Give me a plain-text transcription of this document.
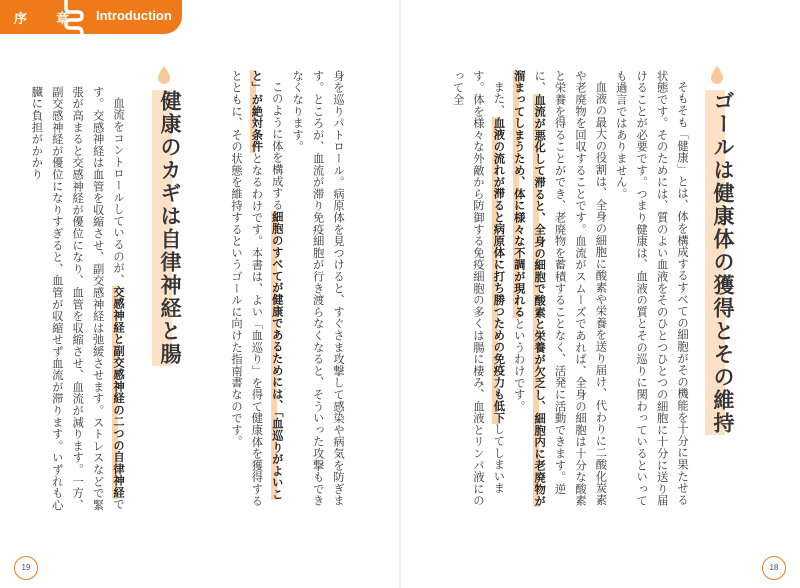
序　章 Introduction

身を巡りパトロール。病原体を見つけると、すぐさま攻撃して感染や病気を防ぎます。ところが、血流が滞り免疫細胞が行き渡らなくなると、そういった攻撃もできなくなります。

このように体を構成する細胞のすべてが健康であるためには、「血巡りがよいこと」が絶対条件となるわけです。本書は、よい「血巡り」を得て健康体を獲得するとともに、その状態を維持するというゴールに向けた指南書なのです。

健康のカギは自律神経と腸

血流をコントロールしているのが、交感神経と副交感神経の二つの自律神経です。交感神経は血管を収縮させ、副交感神経は弛緩させます。ストレスなどで緊張が高まると交感神経が優位になり、血管を収縮させ、血流が減ります。一方、副交感神経が優位になりすぎると、血管が収縮せず血流が滞ります。いずれも心臓に負担がかかり

19
ゴールは健康体の獲得とその維持

そもそも「健康」とは、体を構成するすべての細胞がその機能を十分に果たせる状態です。そのためには、質のよい血液をそのひとつひとつの細胞に十分に送り届けることが必要です。つまり健康は、血液の質とその巡りに関わっているといっても過言ではありません。

血液の最大の役割は、全身の細胞に酸素や栄養を送り届け、代わりに二酸化炭素や老廃物を回収することです。血流がスムーズであれば、全身の細胞は十分な酸素と栄養を得ることができ、老廃物を蓄積することなく、活発に活動できます。逆に、血流が悪化して滞ると、全身の細胞で酸素と栄養が欠乏し、細胞内に老廃物が溜まってしまうため、体に様々な不調が現れるというわけです。

また、血液の流れが滞ると病原体に打ち勝つための免疫力も低下してしまいます。体を様々な外敵から防御する免疫細胞の多くは腸に棲み、血液とリンパ液にのって全

18
